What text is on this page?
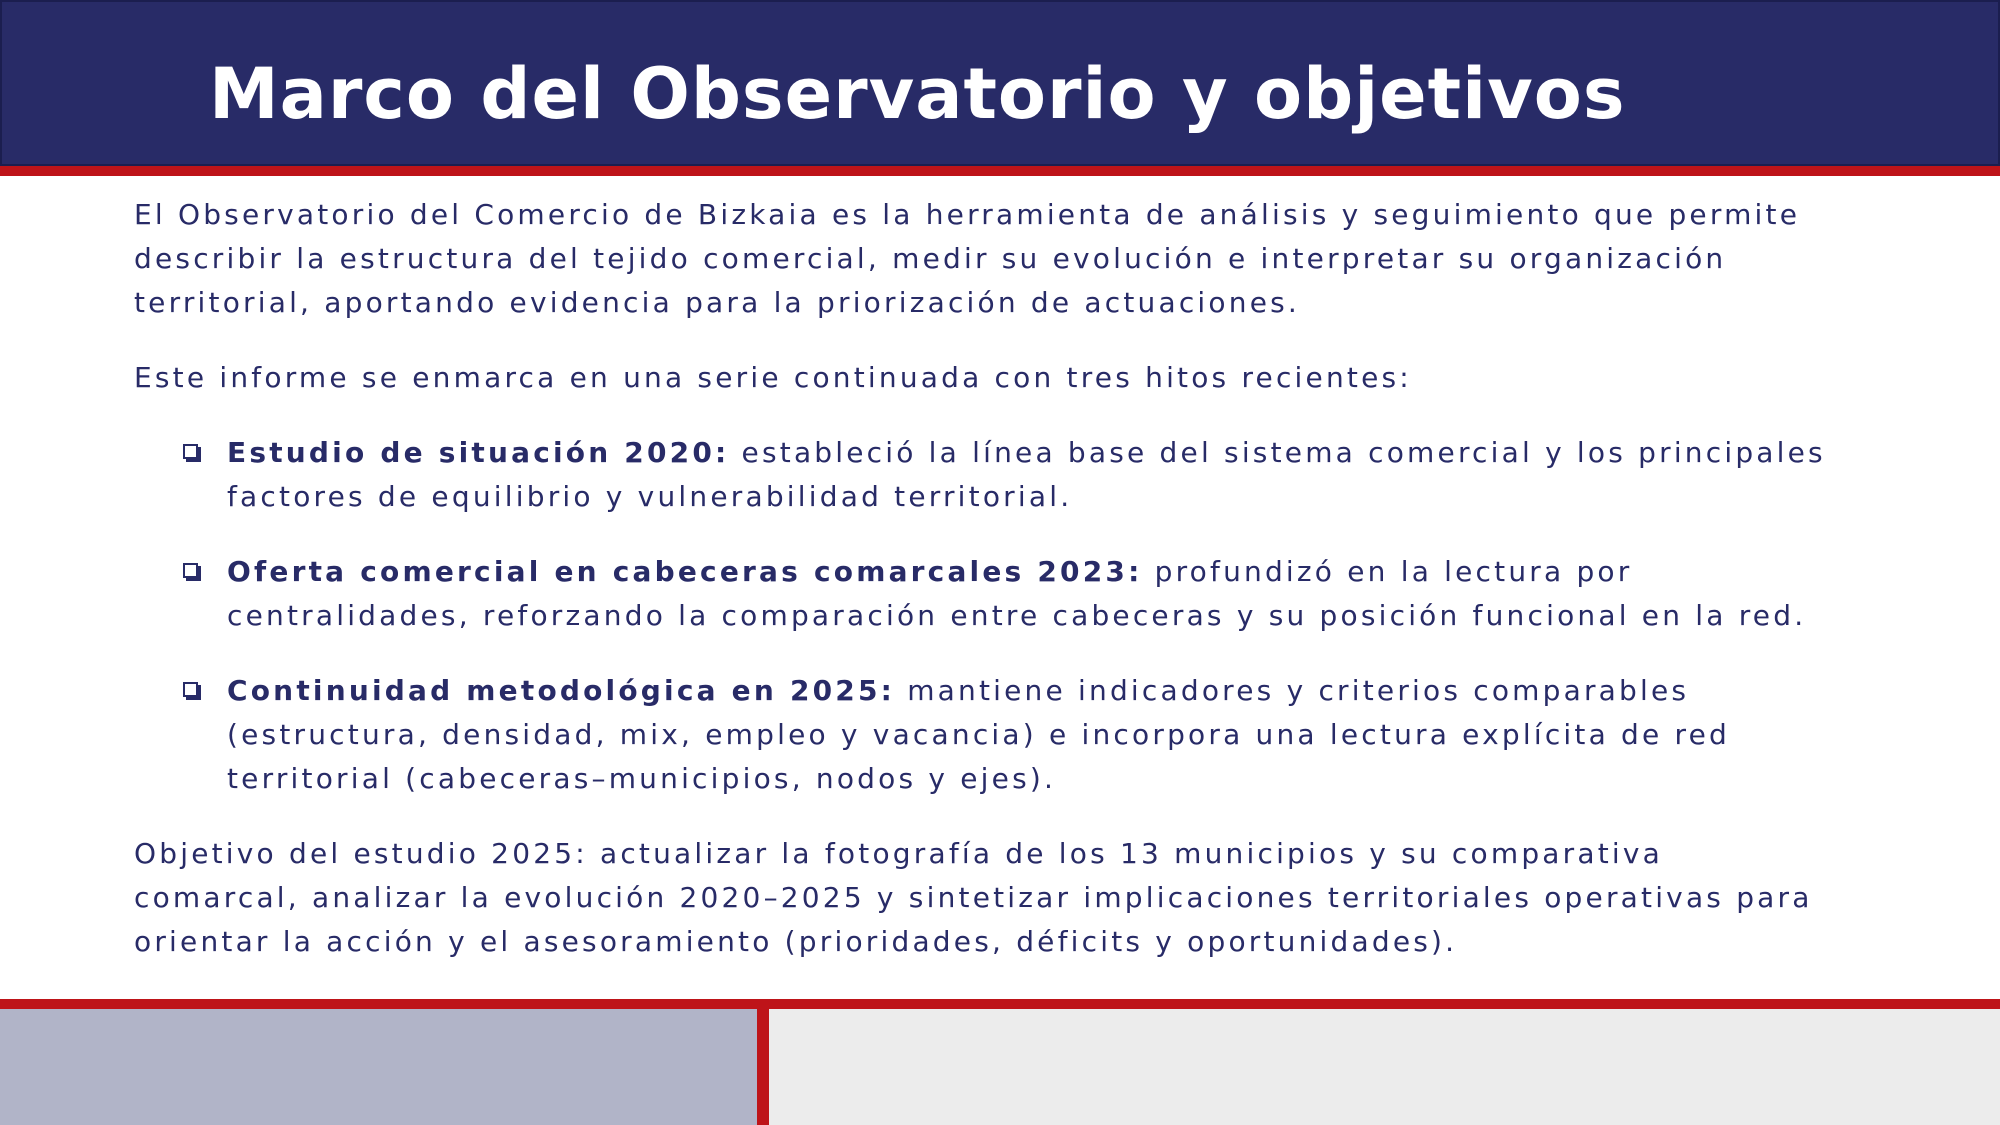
Marco del Observatorio y objetivos

El Observatorio del Comercio de Bizkaia es la herramienta de análisis y seguimiento que permite describir la estructura del tejido comercial, medir su evolución e interpretar su organización territorial, aportando evidencia para la priorización de actuaciones.

Este informe se enmarca en una serie continuada con tres hitos recientes:

Estudio de situación 2020: estableció la línea base del sistema comercial y los principales factores de equilibrio y vulnerabilidad territorial.
Oferta comercial en cabeceras comarcales 2023: profundizó en la lectura por centralidades, reforzando la comparación entre cabeceras y su posición funcional en la red.
Continuidad metodológica en 2025: mantiene indicadores y criterios comparables (estructura, densidad, mix, empleo y vacancia) e incorpora una lectura explícita de red territorial (cabeceras–municipios, nodos y ejes).

Objetivo del estudio 2025: actualizar la fotografía de los 13 municipios y su comparativa comarcal, analizar la evolución 2020–2025 y sintetizar implicaciones territoriales operativas para orientar la acción y el asesoramiento (prioridades, déficits y oportunidades).
